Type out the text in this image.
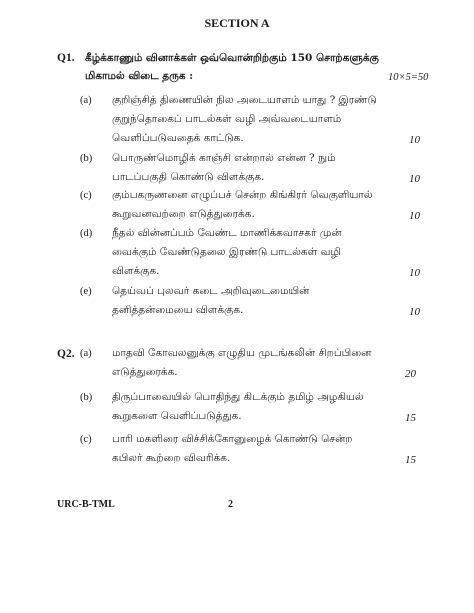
SECTION A
Q1. கீழ்க்காணும் வினாக்கள் ஒவ்வொன்றிற்கும் 150 சொற்களுக்கு
மிகாமல் விடை தருக :	10×5=50
(a) குறிஞ்சித் திணையின் நில அடையாளம் யாது ? இரண்டு
குறுந்தொகைப் பாடல்கள் வழி அவ்வடையாளம்
வெளிப்படுவதைக் காட்டுக.	10
(b) பொருண்மொழிக் காஞ்சி என்றால் என்ன ? நும்
பாடப்பகுதி கொண்டு விளக்குக.	10
(c) கும்பகருணனை எழுப்பச் சென்ற கிங்கிரர் வெகுளியால்
கூறுவனவற்றை எடுத்துரைக்க.	10
(d) நீதல் வின்னப்பம் வேண்ட மாணிக்கவாசகர் முன்
வைக்கும் வேண்டுதலை இரண்டு பாடல்கள் வழி
விளக்குக.	10
(e) தெய்வப் புலவர் கடை அறிவுடைமையின்
தனித்தன்மையை விளக்குக.	10
Q2. (a) மாதவி கோவலனுக்கு எழுதிய முடங்கலின் சிறப்பினை
எடுத்துரைக்க.	20
(b) திருப்பாவையில் பொதிந்து கிடக்கும் தமிழ் அழகியல்
கூறுகளை வெளிப்படுத்துக.	15
(c) பாரி மகளிரை விச்சிக்கோனுழைக் கொண்டு சென்ற
கபிலர் கூற்றை விவரிக்க.	15
URC-B-TML	2
